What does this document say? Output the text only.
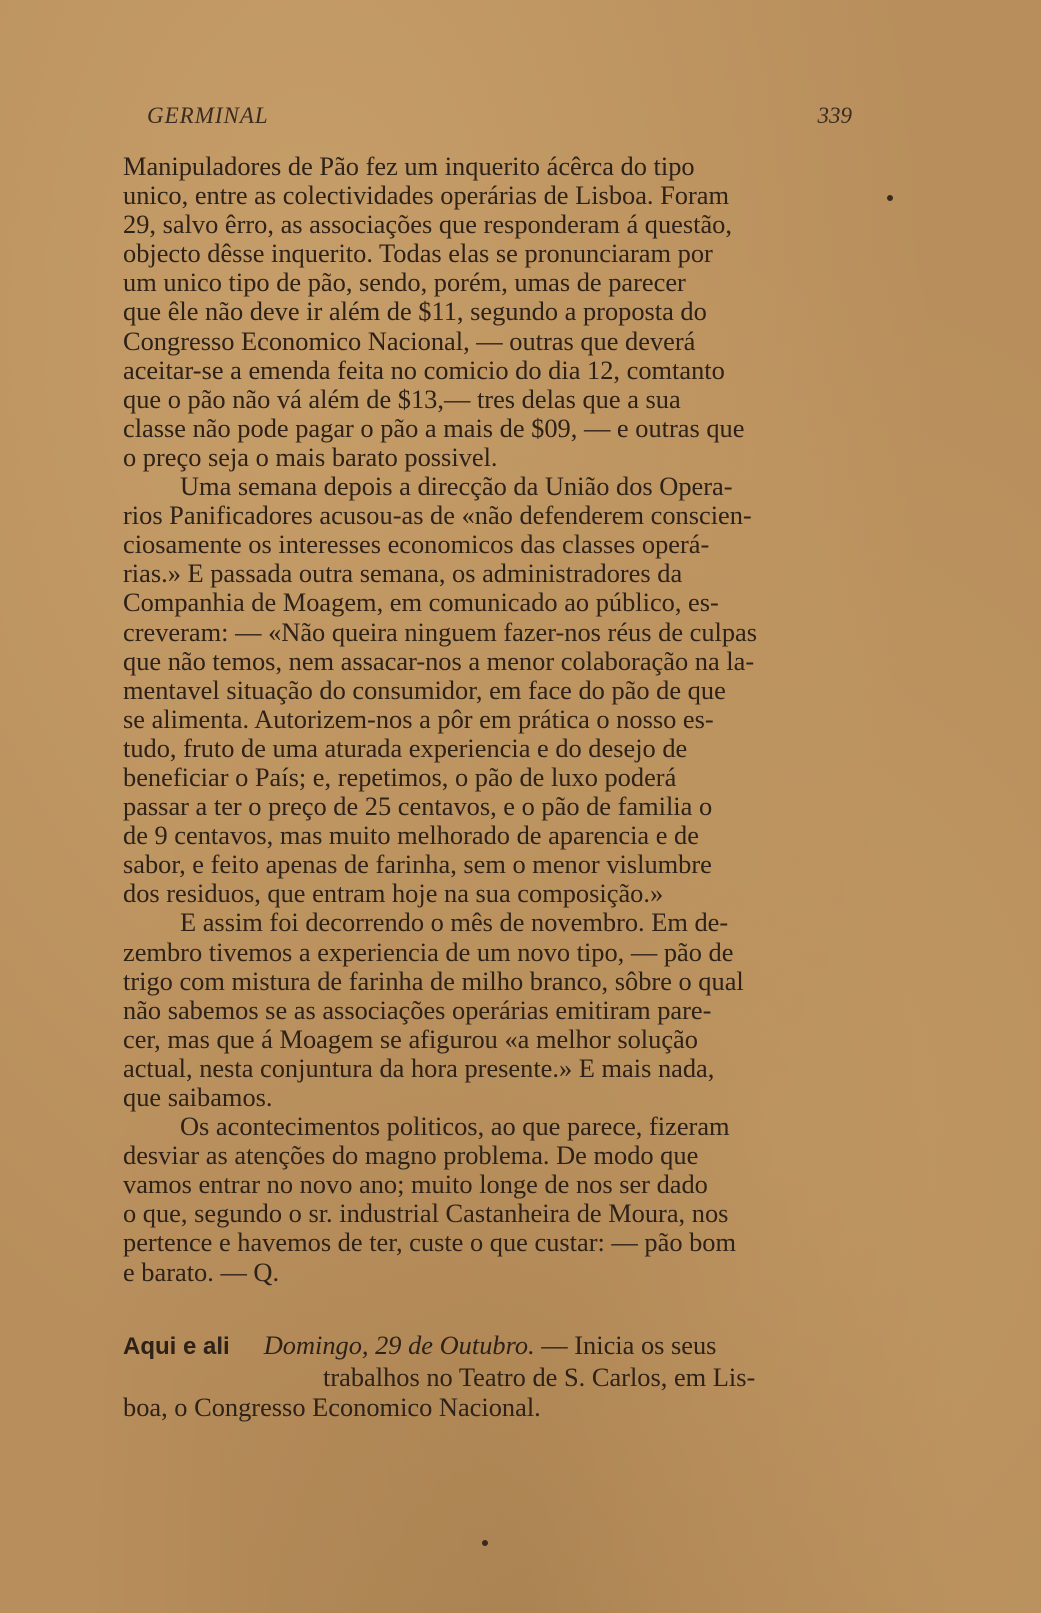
GERMINAL	339
Manipuladores de Pão fez um inquerito ácêrca do tipo
unico, entre as colectividades operárias de Lisboa. Foram
29, salvo êrro, as associações que responderam á questão,
objecto dêsse inquerito. Todas elas se pronunciaram por
um unico tipo de pão, sendo, porém, umas de parecer
que êle não deve ir além de $11, segundo a proposta do
Congresso Economico Nacional, — outras que deverá
aceitar-se a emenda feita no comicio do dia 12, comtanto
que o pão não vá além de $13,— tres delas que a sua
classe não pode pagar o pão a mais de $09, — e outras que
o preço seja o mais barato possivel.
Uma semana depois a direcção da União dos Opera-
rios Panificadores acusou-as de «não defenderem conscien-
ciosamente os interesses economicos das classes operá-
rias.» E passada outra semana, os administradores da
Companhia de Moagem, em comunicado ao público, es-
creveram: — «Não queira ninguem fazer-nos réus de culpas
que não temos, nem assacar-nos a menor colaboração na la-
mentavel situação do consumidor, em face do pão de que
se alimenta. Autorizem-nos a pôr em prática o nosso es-
tudo, fruto de uma aturada experiencia e do desejo de
beneficiar o País; e, repetimos, o pão de luxo poderá
passar a ter o preço de 25 centavos, e o pão de familia o
de 9 centavos, mas muito melhorado de aparencia e de
sabor, e feito apenas de farinha, sem o menor vislumbre
dos residuos, que entram hoje na sua composição.»
E assim foi decorrendo o mês de novembro. Em de-
zembro tivemos a experiencia de um novo tipo, — pão de
trigo com mistura de farinha de milho branco, sôbre o qual
não sabemos se as associações operárias emitiram pare-
cer, mas que á Moagem se afigurou «a melhor solução
actual, nesta conjuntura da hora presente.» E mais nada,
que saibamos.
Os acontecimentos politicos, ao que parece, fizeram
desviar as atenções do magno problema. De modo que
vamos entrar no novo ano; muito longe de nos ser dado
o que, segundo o sr. industrial Castanheira de Moura, nos
pertence e havemos de ter, custe o que custar: — pão bom
e barato. — Q.
Aqui e ali Domingo, 29 de Outubro. — Inicia os seus
trabalhos no Teatro de S. Carlos, em Lis-
boa, o Congresso Economico Nacional.
